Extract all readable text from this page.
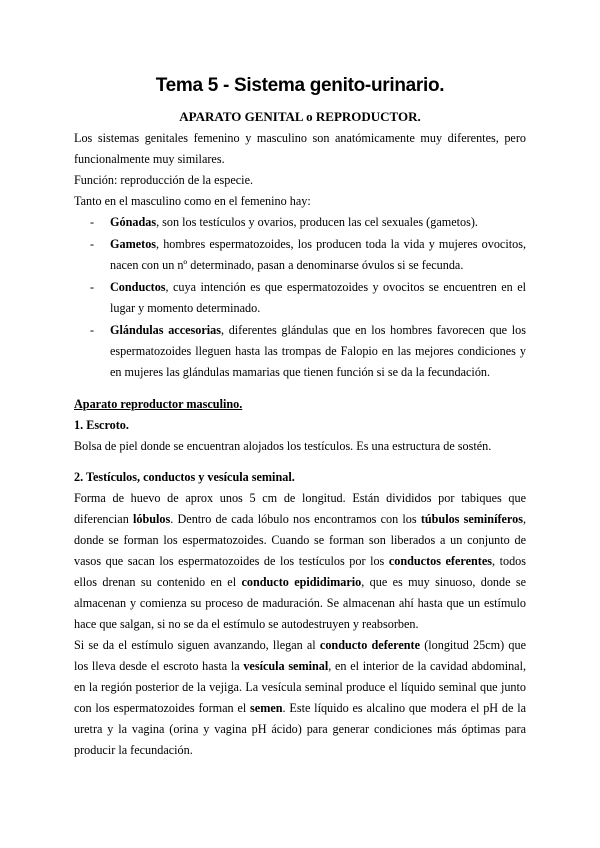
Tema 5 - Sistema genito-urinario.
APARATO GENITAL o REPRODUCTOR.

Los sistemas genitales femenino y masculino son anatómicamente muy diferentes, pero funcionalmente muy similares.

Función: reproducción de la especie.

Tanto en el masculino como en el femenino hay:

- Gónadas, son los testículos y ovarios, producen las cel sexuales (gametos).
- Gametos, hombres espermatozoides, los producen toda la vida y mujeres ovocitos, nacen con un nº determinado, pasan a denominarse óvulos si se fecunda.
- Conductos, cuya intención es que espermatozoides y ovocitos se encuentren en el lugar y momento determinado.
- Glándulas accesorias, diferentes glándulas que en los hombres favorecen que los espermatozoides lleguen hasta las trompas de Falopio en las mejores condiciones y en mujeres las glándulas mamarias que tienen función si se da la fecundación.

Aparato reproductor masculino.

1. Escroto.

Bolsa de piel donde se encuentran alojados los testículos. Es una estructura de sostén.

2. Testículos, conductos y vesícula seminal.

Forma de huevo de aprox unos 5 cm de longitud. Están divididos por tabiques que diferencian lóbulos. Dentro de cada lóbulo nos encontramos con los túbulos seminíferos, donde se forman los espermatozoides. Cuando se forman son liberados a un conjunto de vasos que sacan los espermatozoides de los testículos por los conductos eferentes, todos ellos drenan su contenido en el conducto epididimario, que es muy sinuoso, donde se almacenan y comienza su proceso de maduración. Se almacenan ahí hasta que un estímulo hace que salgan, si no se da el estímulo se autodestruyen y reabsorben.

Si se da el estímulo siguen avanzando, llegan al conducto deferente (longitud 25cm) que los lleva desde el escroto hasta la vesícula seminal, en el interior de la cavidad abdominal, en la región posterior de la vejiga. La vesícula seminal produce el líquido seminal que junto con los espermatozoides forman el semen. Este líquido es alcalino que modera el pH de la uretra y la vagina (orina y vagina pH ácido) para generar condiciones más óptimas para producir la fecundación.
